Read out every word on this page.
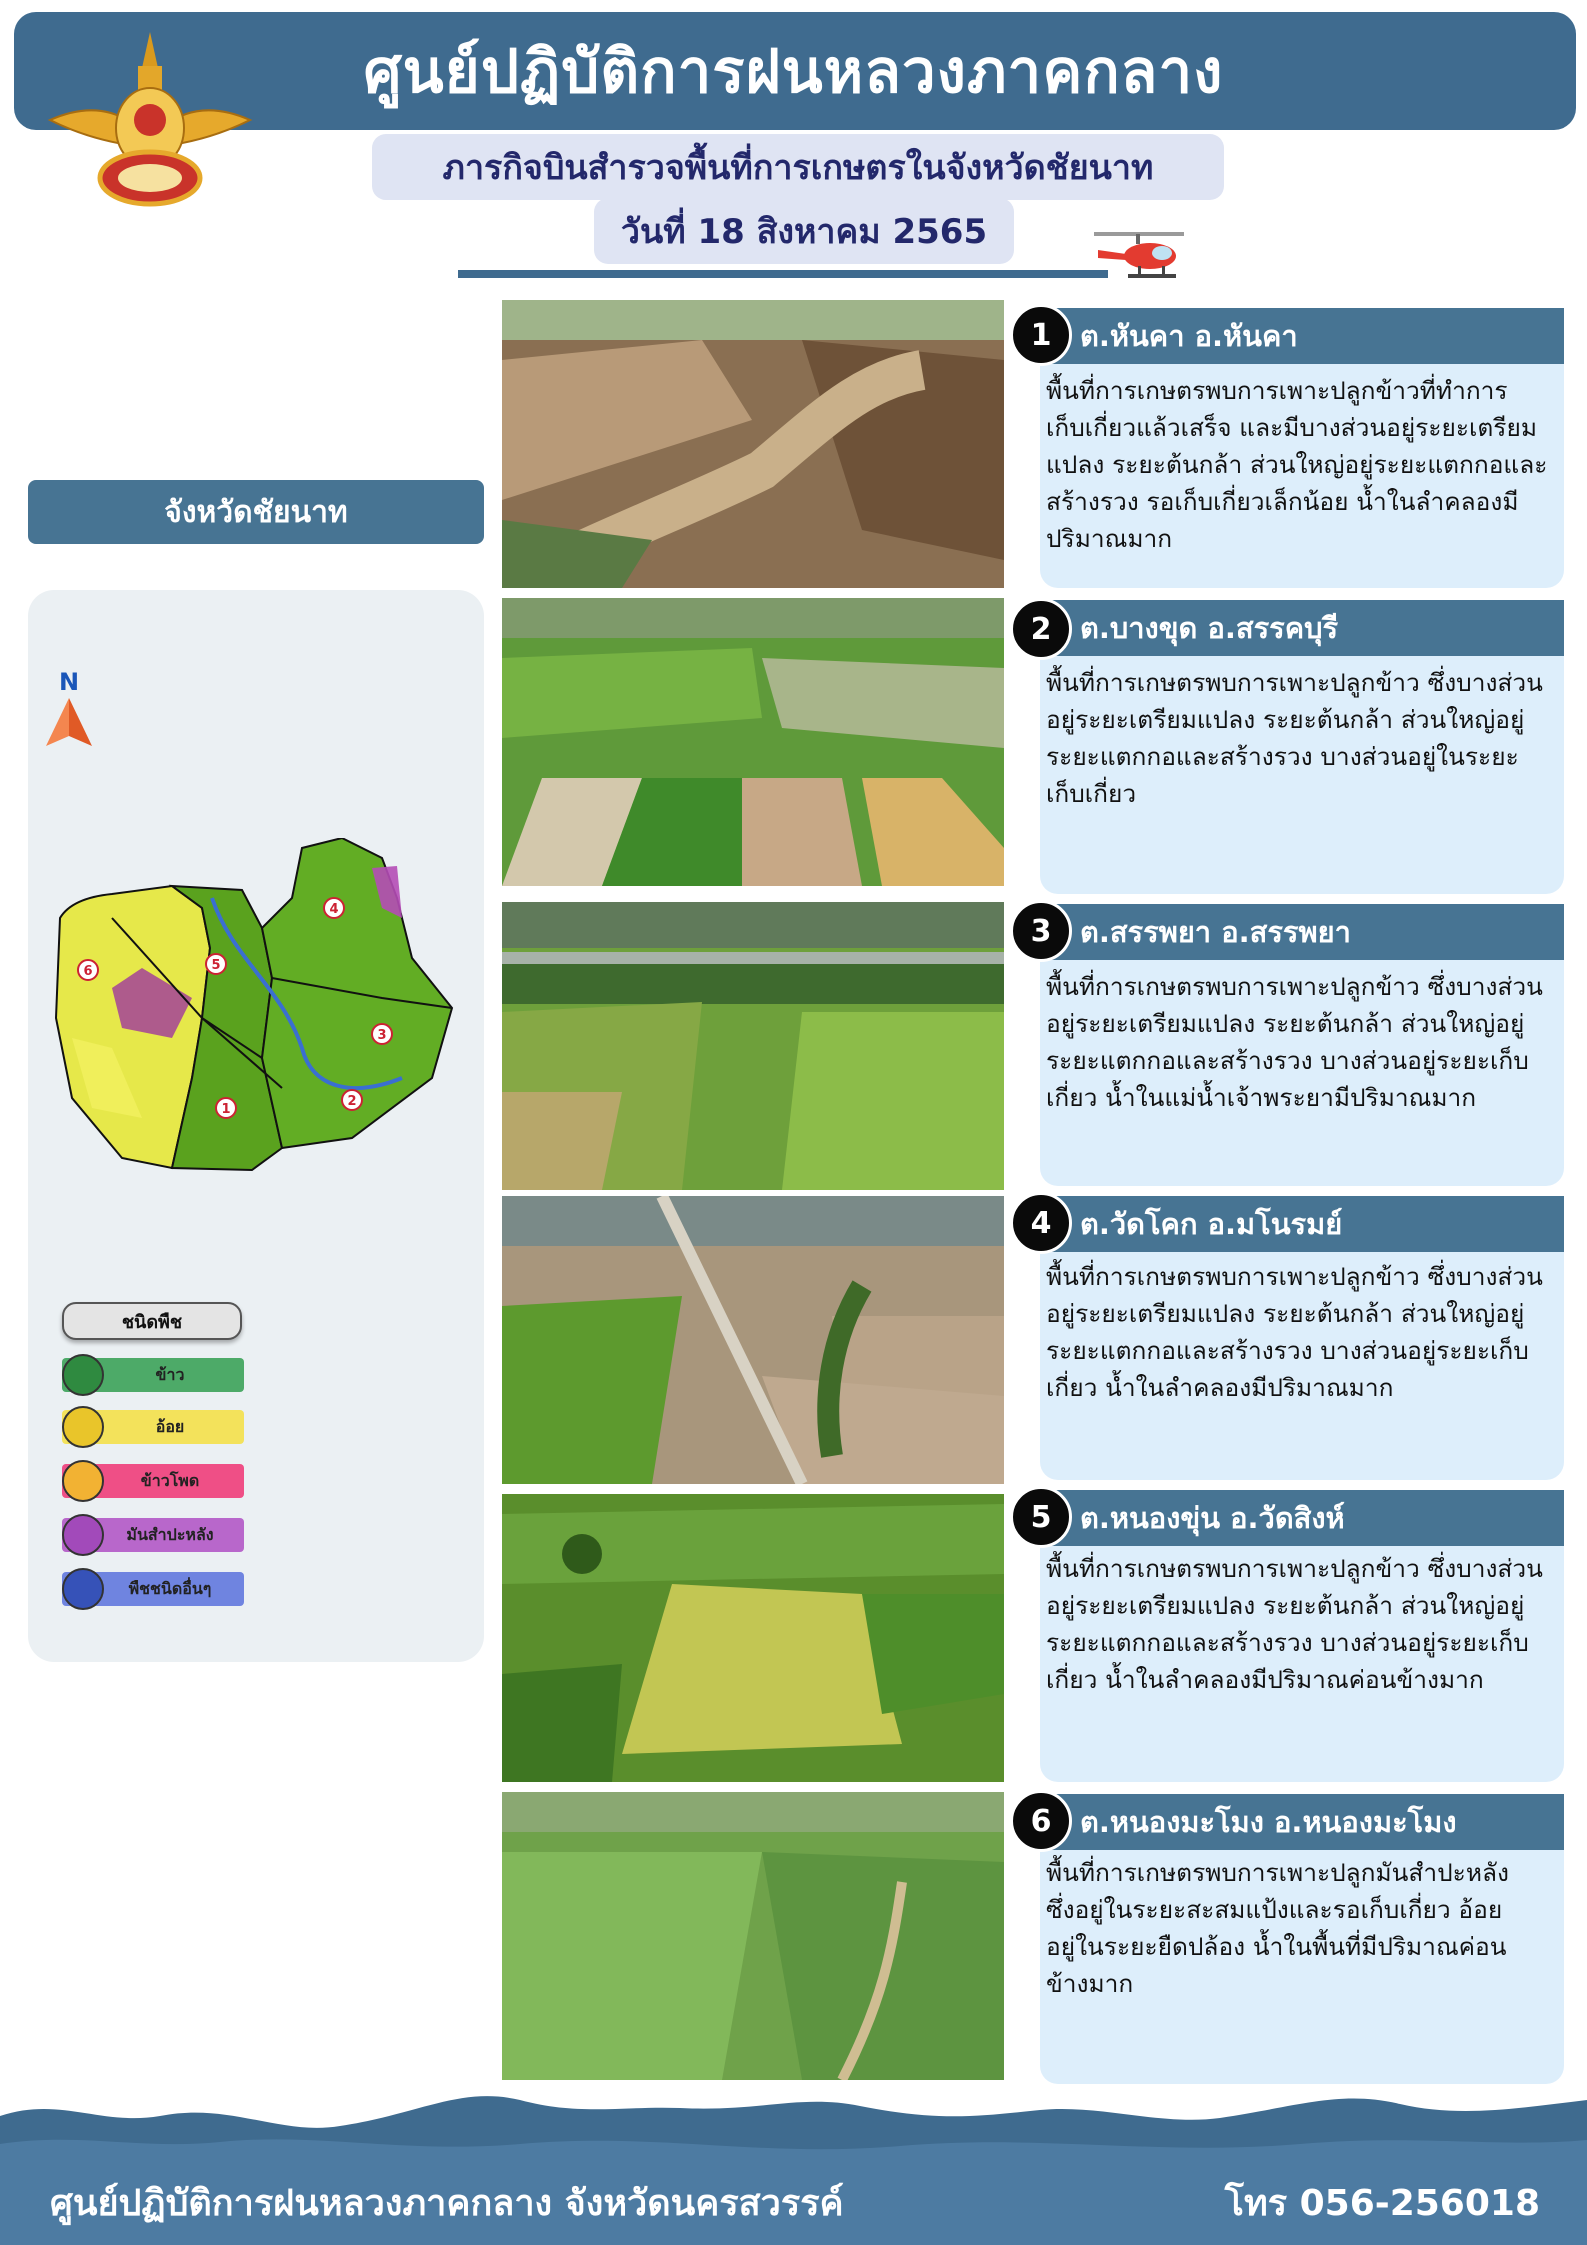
ศูนย์ปฏิบัติการฝนหลวงภาคกลาง
ภารกิจบินสำรวจพื้นที่การเกษตรในจังหวัดชัยนาท
วันที่ 18 สิงหาคม 2565
จังหวัดชัยนาท
N
1
2
3
4
5
6
ชนิดพืช
ข้าว
อ้อย
ข้าวโพด
มันสำปะหลัง
พืชชนิดอื่นๆ
ต.หันคา อ.หันคา
1
พื้นที่การเกษตรพบการเพาะปลูกข้าวที่ทำการ
เก็บเกี่ยวแล้วเสร็จ และมีบางส่วนอยู่ระยะเตรียม
แปลง ระยะต้นกล้า ส่วนใหญ่อยู่ระยะแตกกอและ
สร้างรวง รอเก็บเกี่ยวเล็กน้อย น้ำในลำคลองมี
ปริมาณมาก
ต.บางขุด อ.สรรคบุรี
2
พื้นที่การเกษตรพบการเพาะปลูกข้าว ซึ่งบางส่วน
อยู่ระยะเตรียมแปลง ระยะต้นกล้า ส่วนใหญ่อยู่
ระยะแตกกอและสร้างรวง บางส่วนอยู่ในระยะ
เก็บเกี่ยว
ต.สรรพยา อ.สรรพยา
3
พื้นที่การเกษตรพบการเพาะปลูกข้าว ซึ่งบางส่วน
อยู่ระยะเตรียมแปลง ระยะต้นกล้า ส่วนใหญ่อยู่
ระยะแตกกอและสร้างรวง บางส่วนอยู่ระยะเก็บ
เกี่ยว น้ำในแม่น้ำเจ้าพระยามีปริมาณมาก
ต.วัดโคก อ.มโนรมย์
4
พื้นที่การเกษตรพบการเพาะปลูกข้าว ซึ่งบางส่วน
อยู่ระยะเตรียมแปลง ระยะต้นกล้า ส่วนใหญ่อยู่
ระยะแตกกอและสร้างรวง บางส่วนอยู่ระยะเก็บ
เกี่ยว น้ำในลำคลองมีปริมาณมาก
ต.หนองขุ่น อ.วัดสิงห์
5
พื้นที่การเกษตรพบการเพาะปลูกข้าว ซึ่งบางส่วน
อยู่ระยะเตรียมแปลง ระยะต้นกล้า ส่วนใหญ่อยู่
ระยะแตกกอและสร้างรวง บางส่วนอยู่ระยะเก็บ
เกี่ยว น้ำในลำคลองมีปริมาณค่อนข้างมาก
ต.หนองมะโมง อ.หนองมะโมง
6
พื้นที่การเกษตรพบการเพาะปลูกมันสำปะหลัง
ซึ่งอยู่ในระยะสะสมแป้งและรอเก็บเกี่ยว อ้อย
อยู่ในระยะยืดปล้อง น้ำในพื้นที่มีปริมาณค่อน
ข้างมาก
ศูนย์ปฏิบัติการฝนหลวงภาคกลาง จังหวัดนครสวรรค์	โทร 056-256018
